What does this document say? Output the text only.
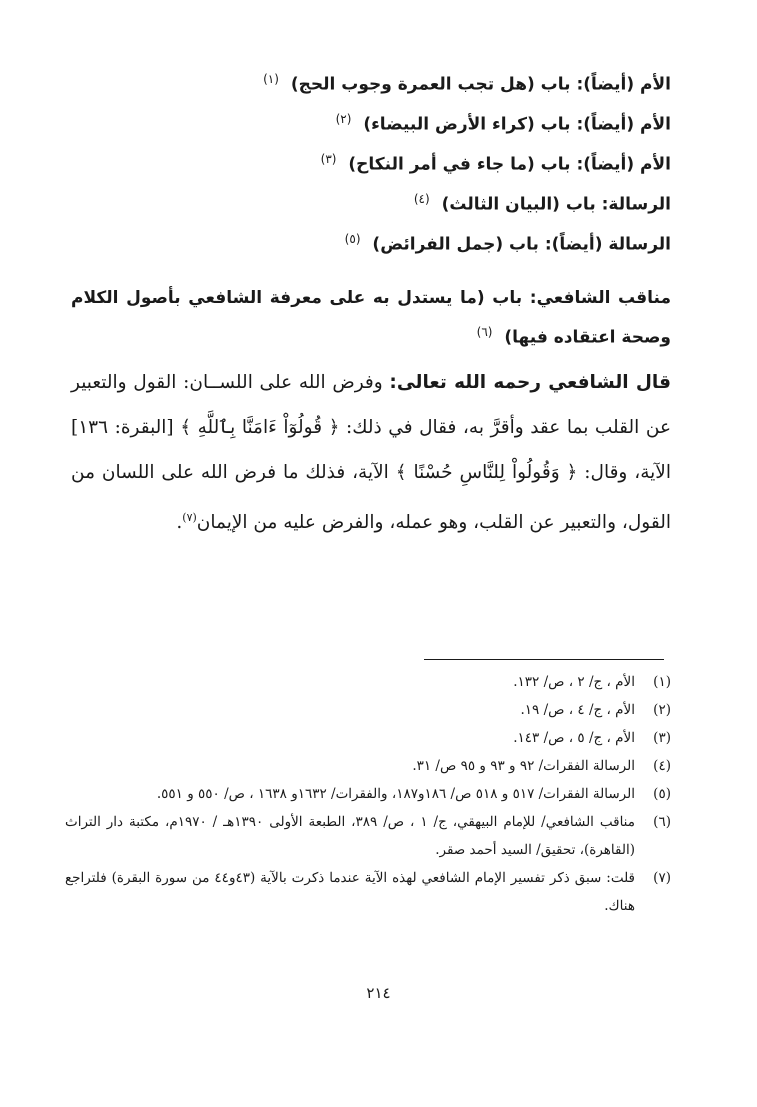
الأم (أيضاً): باب (هل تجب العمرة وجوب الحج) $^{(١)}$
الأم (أيضاً): باب (كراء الأرض البيضاء) $^{(٢)}$
الأم (أيضاً): باب (ما جاء في أمر النكاح) $^{(٣)}$
الرسالة: باب (البيان الثالث) $^{(٤)}$
الرسالة (أيضاً): باب (جمل الفرائض) $^{(٥)}$
مناقب الشافعي: باب (ما يستدل به على معرفة الشافعي بأصول الكلام وصحة اعتقاده فيها) $^{(٦)}$
قال الشافعي رحمه الله تعالى: وفرض الله على اللســان: القول والتعبير عن القلب بما عقد وأقرَّ به، فقال في ذلك: ﴿ قُولُوٓاْ ءَامَنَّا بِٱللَّهِ ﴾ [البقرة: ١٣٦] الآية، وقال: ﴿ وَقُولُواْ لِلنَّاسِ حُسْنًا ﴾ الآية، فذلك ما فرض الله على اللسان من القول، والتعبير عن القلب، وهو عمله، والفرض عليه من الإيمان$^{(٧)}$.
(١)
الأم ، ج/ ٢ ، ص/ ١٣٢.
(٢)
الأم ، ج/ ٤ ، ص/ ١٩.
(٣)
الأم ، ج/ ٥ ، ص/ ١٤٣.
(٤)
الرسالة الفقرات/ ٩٢ و ٩٣ و ٩٥ ص/ ٣١.
(٥)
الرسالة الفقرات/ ٥١٧ و ٥١٨ ص/ ١٨٦و١٨٧، والفقرات/ ١٦٣٢و ١٦٣٨ ، ص/ ٥٥٠ و ٥٥١.
(٦)
مناقب الشافعي/ للإمام البيهقي، ج/ ١ ، ص/ ٣٨٩، الطبعة الأولى ١٣٩٠هـ / ١٩٧٠م، مكتبة دار التراث (القاهرة)، تحقيق/ السيد أحمد صقر.
(٧)
قلت: سبق ذكر تفسير الإمام الشافعي لهذه الآية عندما ذكرت بالآية (٤٣و٤٤ من سورة البقرة) فلتراجع هناك.
٢١٤
